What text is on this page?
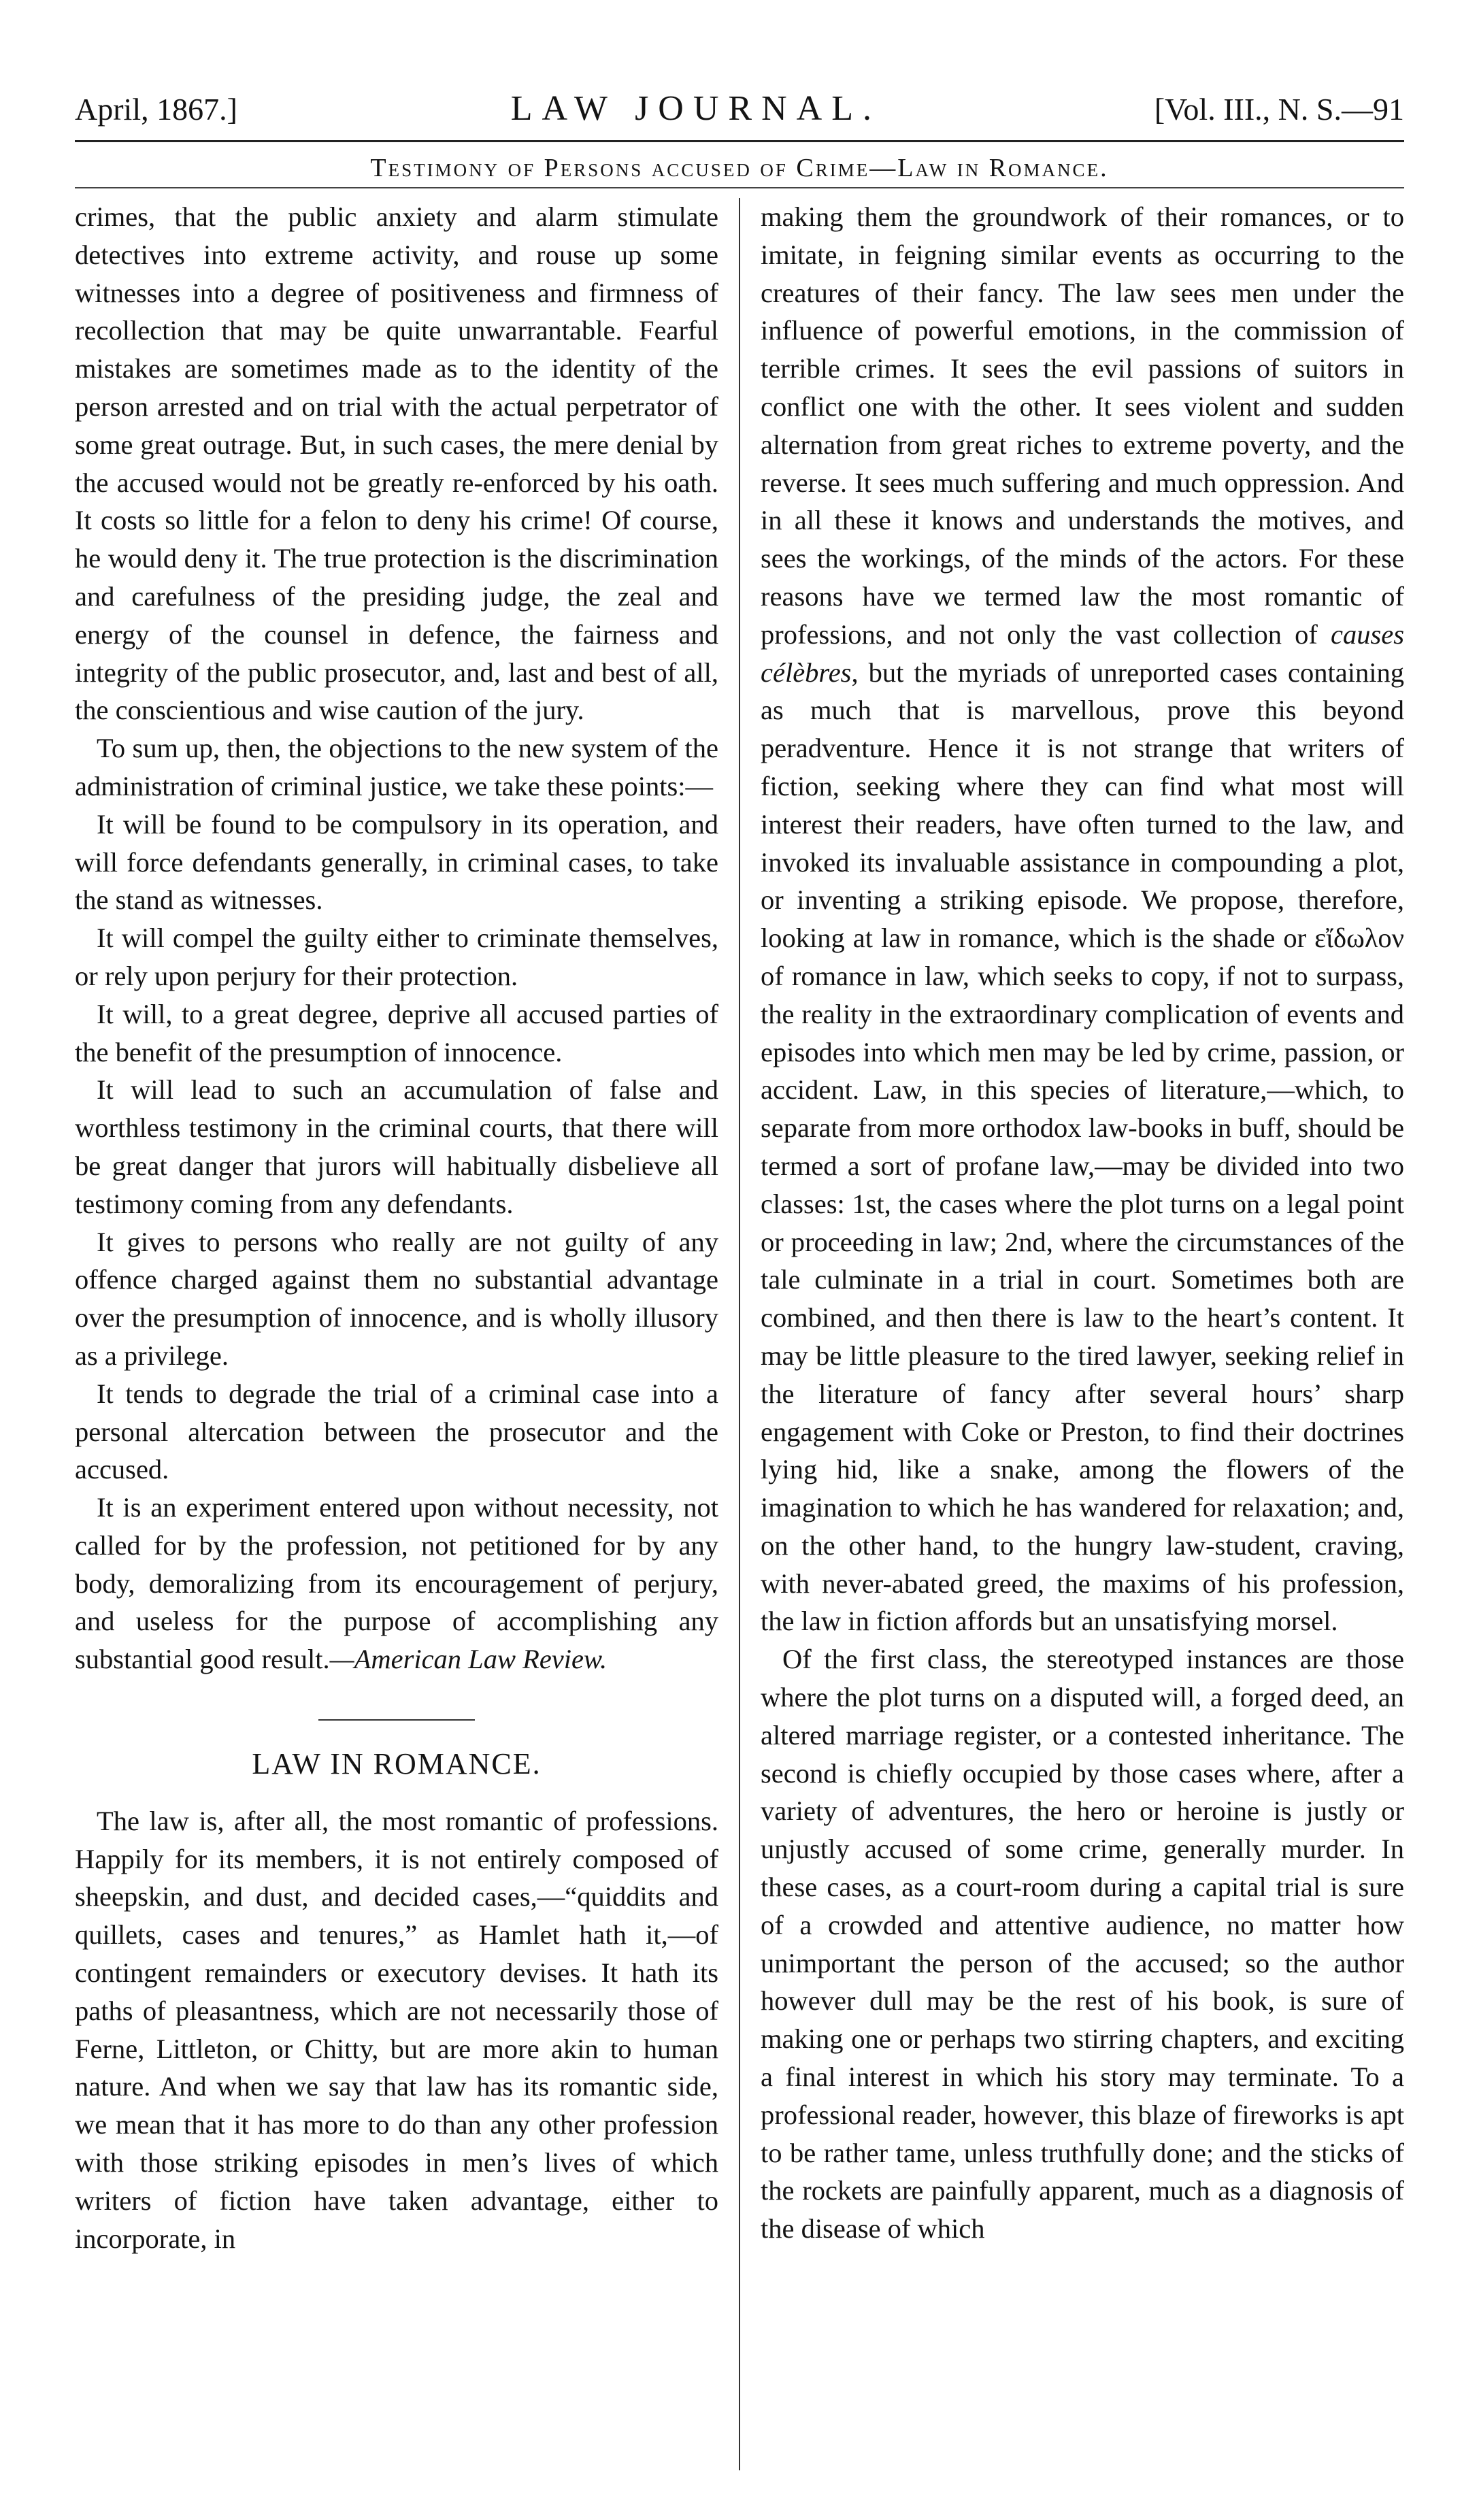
April, 1867.]	LAW JOURNAL.	[Vol. III., N. S.—91
Testimony of Persons accused of Crime—Law in Romance.

crimes, that the public anxiety and alarm stimulate detectives into extreme activity, and rouse up some witnesses into a degree of positiveness and firmness of recollection that may be quite unwarrantable. Fearful mistakes are sometimes made as to the identity of the person arrested and on trial with the actual perpetrator of some great outrage. But, in such cases, the mere denial by the accused would not be greatly re-enforced by his oath. It costs so little for a felon to deny his crime! Of course, he would deny it. The true protection is the discrimination and carefulness of the presiding judge, the zeal and energy of the counsel in defence, the fairness and integrity of the public prosecutor, and, last and best of all, the conscientious and wise caution of the jury.

To sum up, then, the objections to the new system of the administration of criminal justice, we take these points:—

It will be found to be compulsory in its operation, and will force defendants generally, in criminal cases, to take the stand as witnesses.

It will compel the guilty either to criminate themselves, or rely upon perjury for their protection.

It will, to a great degree, deprive all accused parties of the benefit of the presumption of innocence.

It will lead to such an accumulation of false and worthless testimony in the criminal courts, that there will be great danger that jurors will habitually disbelieve all testimony coming from any defendants.

It gives to persons who really are not guilty of any offence charged against them no substantial advantage over the presumption of innocence, and is wholly illusory as a privilege.

It tends to degrade the trial of a criminal case into a personal altercation between the prosecutor and the accused.

It is an experiment entered upon without necessity, not called for by the profession, not petitioned for by any body, demoralizing from its encouragement of perjury, and useless for the purpose of accomplishing any substantial good result.—American Law Review.

LAW IN ROMANCE.

The law is, after all, the most romantic of professions. Happily for its members, it is not entirely composed of sheepskin, and dust, and decided cases,—“quiddits and quillets, cases and tenures,” as Hamlet hath it,—of contingent remainders or executory devises. It hath its paths of pleasantness, which are not necessarily those of Ferne, Littleton, or Chitty, but are more akin to human nature. And when we say that law has its romantic side, we mean that it has more to do than any other profession with those striking episodes in men’s lives of which writers of fiction have taken advantage, either to incorporate, in

making them the groundwork of their romances, or to imitate, in feigning similar events as occurring to the creatures of their fancy. The law sees men under the influence of powerful emotions, in the commission of terrible crimes. It sees the evil passions of suitors in conflict one with the other. It sees violent and sudden alternation from great riches to extreme poverty, and the reverse. It sees much suffering and much oppression. And in all these it knows and understands the motives, and sees the workings, of the minds of the actors. For these reasons have we termed law the most romantic of professions, and not only the vast collection of causes célèbres, but the myriads of unreported cases containing as much that is marvellous, prove this beyond peradventure. Hence it is not strange that writers of fiction, seeking where they can find what most will interest their readers, have often turned to the law, and invoked its invaluable assistance in compounding a plot, or inventing a striking episode. We propose, therefore, looking at law in romance, which is the shade or εἴδωλον of romance in law, which seeks to copy, if not to surpass, the reality in the extraordinary complication of events and episodes into which men may be led by crime, passion, or accident. Law, in this species of literature,—which, to separate from more orthodox law-books in buff, should be termed a sort of profane law,—may be divided into two classes: 1st, the cases where the plot turns on a legal point or proceeding in law; 2nd, where the circumstances of the tale culminate in a trial in court. Sometimes both are combined, and then there is law to the heart’s content. It may be little pleasure to the tired lawyer, seeking relief in the literature of fancy after several hours’ sharp engagement with Coke or Preston, to find their doctrines lying hid, like a snake, among the flowers of the imagination to which he has wandered for relaxation; and, on the other hand, to the hungry law-student, craving, with never-abated greed, the maxims of his profession, the law in fiction affords but an unsatisfying morsel.

Of the first class, the stereotyped instances are those where the plot turns on a disputed will, a forged deed, an altered marriage register, or a contested inheritance. The second is chiefly occupied by those cases where, after a variety of adventures, the hero or heroine is justly or unjustly accused of some crime, generally murder. In these cases, as a court-room during a capital trial is sure of a crowded and attentive audience, no matter how unimportant the person of the accused; so the author however dull may be the rest of his book, is sure of making one or perhaps two stirring chapters, and exciting a final interest in which his story may terminate. To a professional reader, however, this blaze of fireworks is apt to be rather tame, unless truthfully done; and the sticks of the rockets are painfully apparent, much as a diagnosis of the disease of which
